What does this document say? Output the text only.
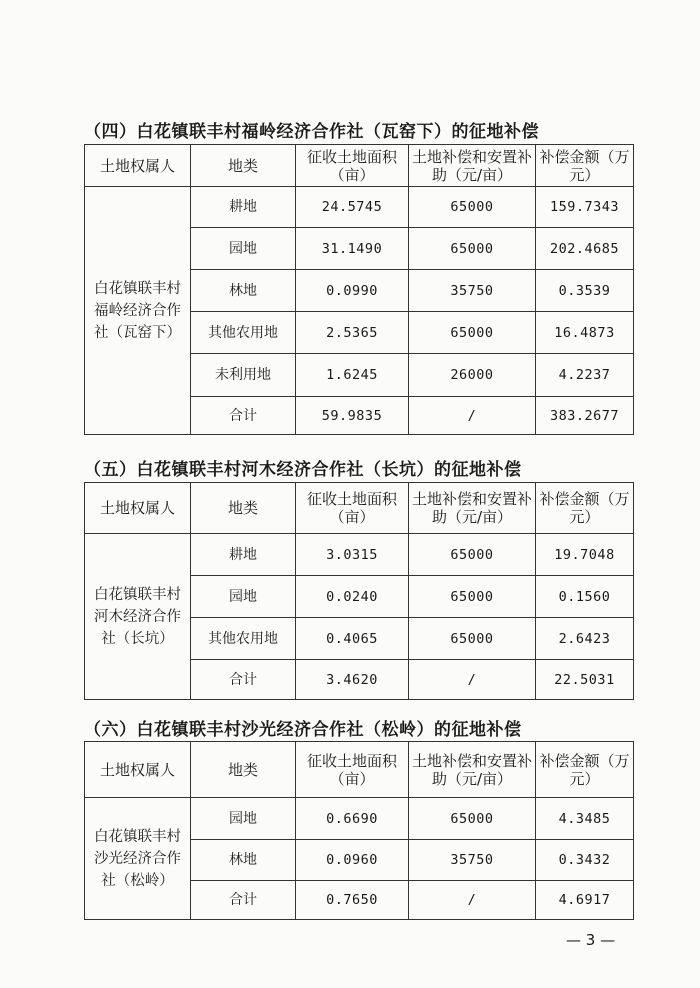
（四）白花镇联丰村福岭经济合作社（瓦窑下）的征地补偿
土地权属人	地类	征收土地面积（亩）	土地补偿和安置补助（元/亩）	补偿金额（万元）
白花镇联丰村福岭经济合作社（瓦窑下）	耕地	24.5745	65000	159.7343
	园地	31.1490	65000	202.4685
	林地	0.0990	35750	0.3539
	其他农用地	2.5365	65000	16.4873
	未利用地	1.6245	26000	4.2237
	合计	59.9835	/	383.2677
（五）白花镇联丰村河木经济合作社（长坑）的征地补偿
土地权属人	地类	征收土地面积（亩）	土地补偿和安置补助（元/亩）	补偿金额（万元）
白花镇联丰村河木经济合作社（长坑）	耕地	3.0315	65000	19.7048
	园地	0.0240	65000	0.1560
	其他农用地	0.4065	65000	2.6423
	合计	3.4620	/	22.5031
（六）白花镇联丰村沙光经济合作社（松岭）的征地补偿
土地权属人	地类	征收土地面积（亩）	土地补偿和安置补助（元/亩）	补偿金额（万元）
白花镇联丰村沙光经济合作社（松岭）	园地	0.6690	65000	4.3485
	林地	0.0960	35750	0.3432
	合计	0.7650	/	4.6917
— 3 —
